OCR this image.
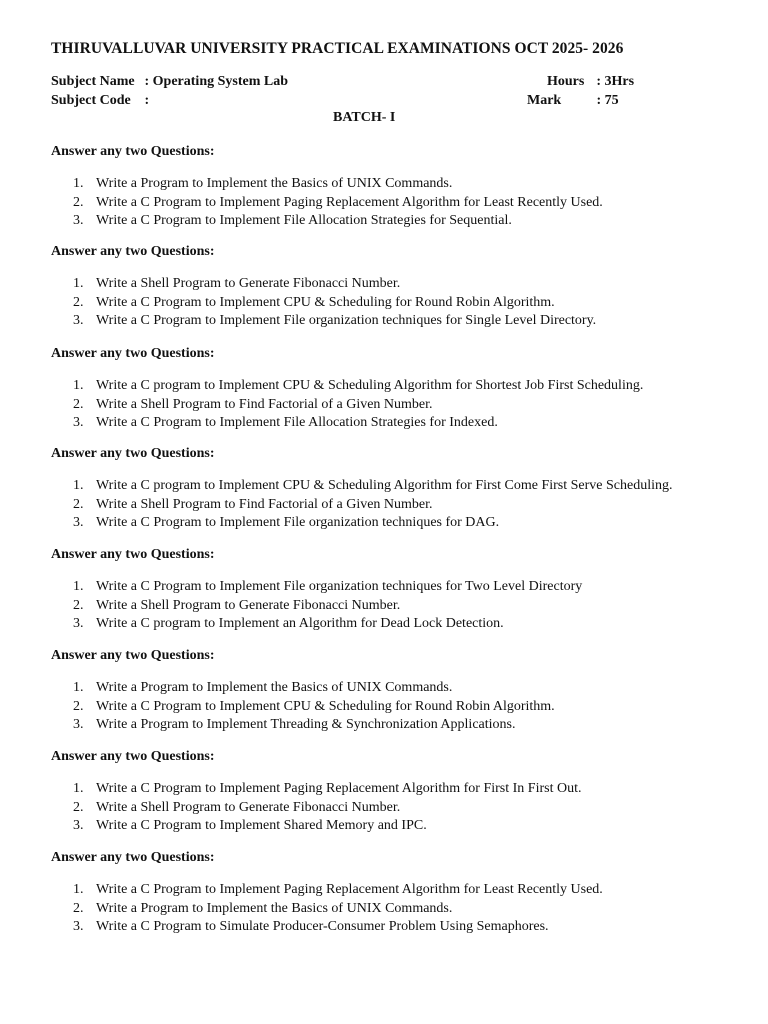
THIRUVALLUVAR UNIVERSITY PRACTICAL EXAMINATIONS OCT 2025- 2026
Subject Name : Operating System Lab
Subject Code :
Hours : 3Hrs
Mark	: 75
BATCH- I
Answer any two Questions:
1. Write a Program to Implement the Basics of UNIX Commands.
2. Write a C Program to Implement Paging Replacement Algorithm for Least Recently Used.
3. Write a C Program to Implement File Allocation Strategies for Sequential.
Answer any two Questions:
1. Write a Shell Program to Generate Fibonacci Number.
2. Write a C Program to Implement CPU & Scheduling for Round Robin Algorithm.
3. Write a C Program to Implement File organization techniques for Single Level Directory.
Answer any two Questions:
1. Write a C program to Implement CPU & Scheduling Algorithm for Shortest Job First Scheduling.
2. Write a Shell Program to Find Factorial of a Given Number.
3. Write a C Program to Implement File Allocation Strategies for Indexed.
Answer any two Questions:
1. Write a C program to Implement CPU & Scheduling Algorithm for First Come First Serve Scheduling.
2. Write a Shell Program to Find Factorial of a Given Number.
3. Write a C Program to Implement File organization techniques for DAG.
Answer any two Questions:
1. Write a C Program to Implement File organization techniques for Two Level Directory
2. Write a Shell Program to Generate Fibonacci Number.
3. Write a C program to Implement an Algorithm for Dead Lock Detection.
Answer any two Questions:
1. Write a Program to Implement the Basics of UNIX Commands.
2. Write a C Program to Implement CPU & Scheduling for Round Robin Algorithm.
3. Write a Program to Implement Threading & Synchronization Applications.
Answer any two Questions:
1. Write a C Program to Implement Paging Replacement Algorithm for First In First Out.
2. Write a Shell Program to Generate Fibonacci Number.
3. Write a C Program to Implement Shared Memory and IPC.
Answer any two Questions:
1. Write a C Program to Implement Paging Replacement Algorithm for Least Recently Used.
2. Write a Program to Implement the Basics of UNIX Commands.
3. Write a C Program to Simulate Producer-Consumer Problem Using Semaphores.
